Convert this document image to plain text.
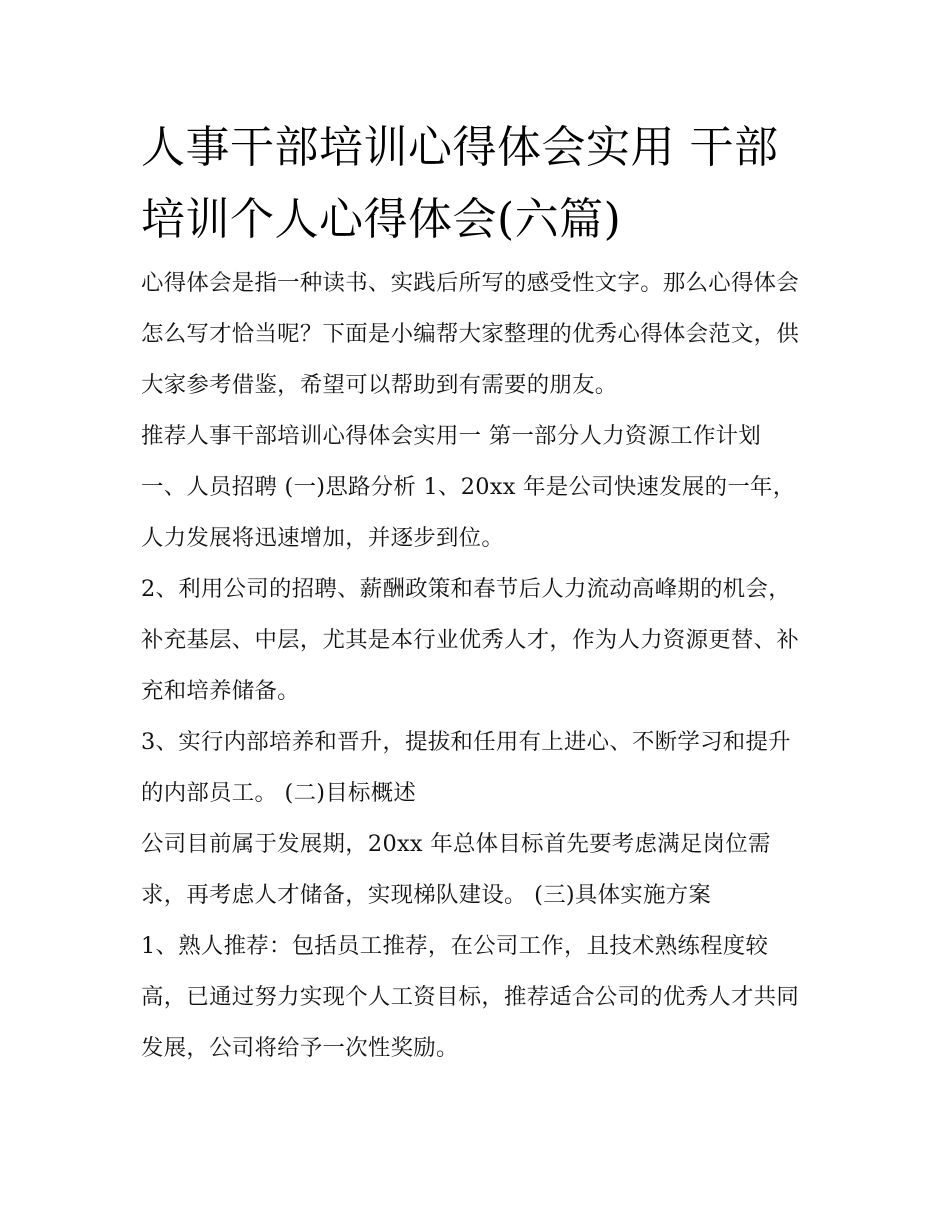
人事干部培训心得体会实用 干部培训个人心得体会(六篇)

心得体会是指一种读书、实践后所写的感受性文字。那么心得体会怎么写才恰当呢？下面是小编帮大家整理的优秀心得体会范文，供大家参考借鉴，希望可以帮助到有需要的朋友。

推荐人事干部培训心得体会实用一 第一部分人力资源工作计划 一、人员招聘 (一)思路分析 1、20xx 年是公司快速发展的一年，人力发展将迅速增加，并逐步到位。

2、利用公司的招聘、薪酬政策和春节后人力流动高峰期的机会，补充基层、中层，尤其是本行业优秀人才，作为人力资源更替、补充和培养储备。

3、实行内部培养和晋升，提拔和任用有上进心、不断学习和提升的内部员工。 (二)目标概述

公司目前属于发展期，20xx 年总体目标首先要考虑满足岗位需求，再考虑人才储备，实现梯队建设。 (三)具体实施方案

1、熟人推荐：包括员工推荐，在公司工作，且技术熟练程度较高，已通过努力实现个人工资目标，推荐适合公司的优秀人才共同发展，公司将给予一次性奖励。
